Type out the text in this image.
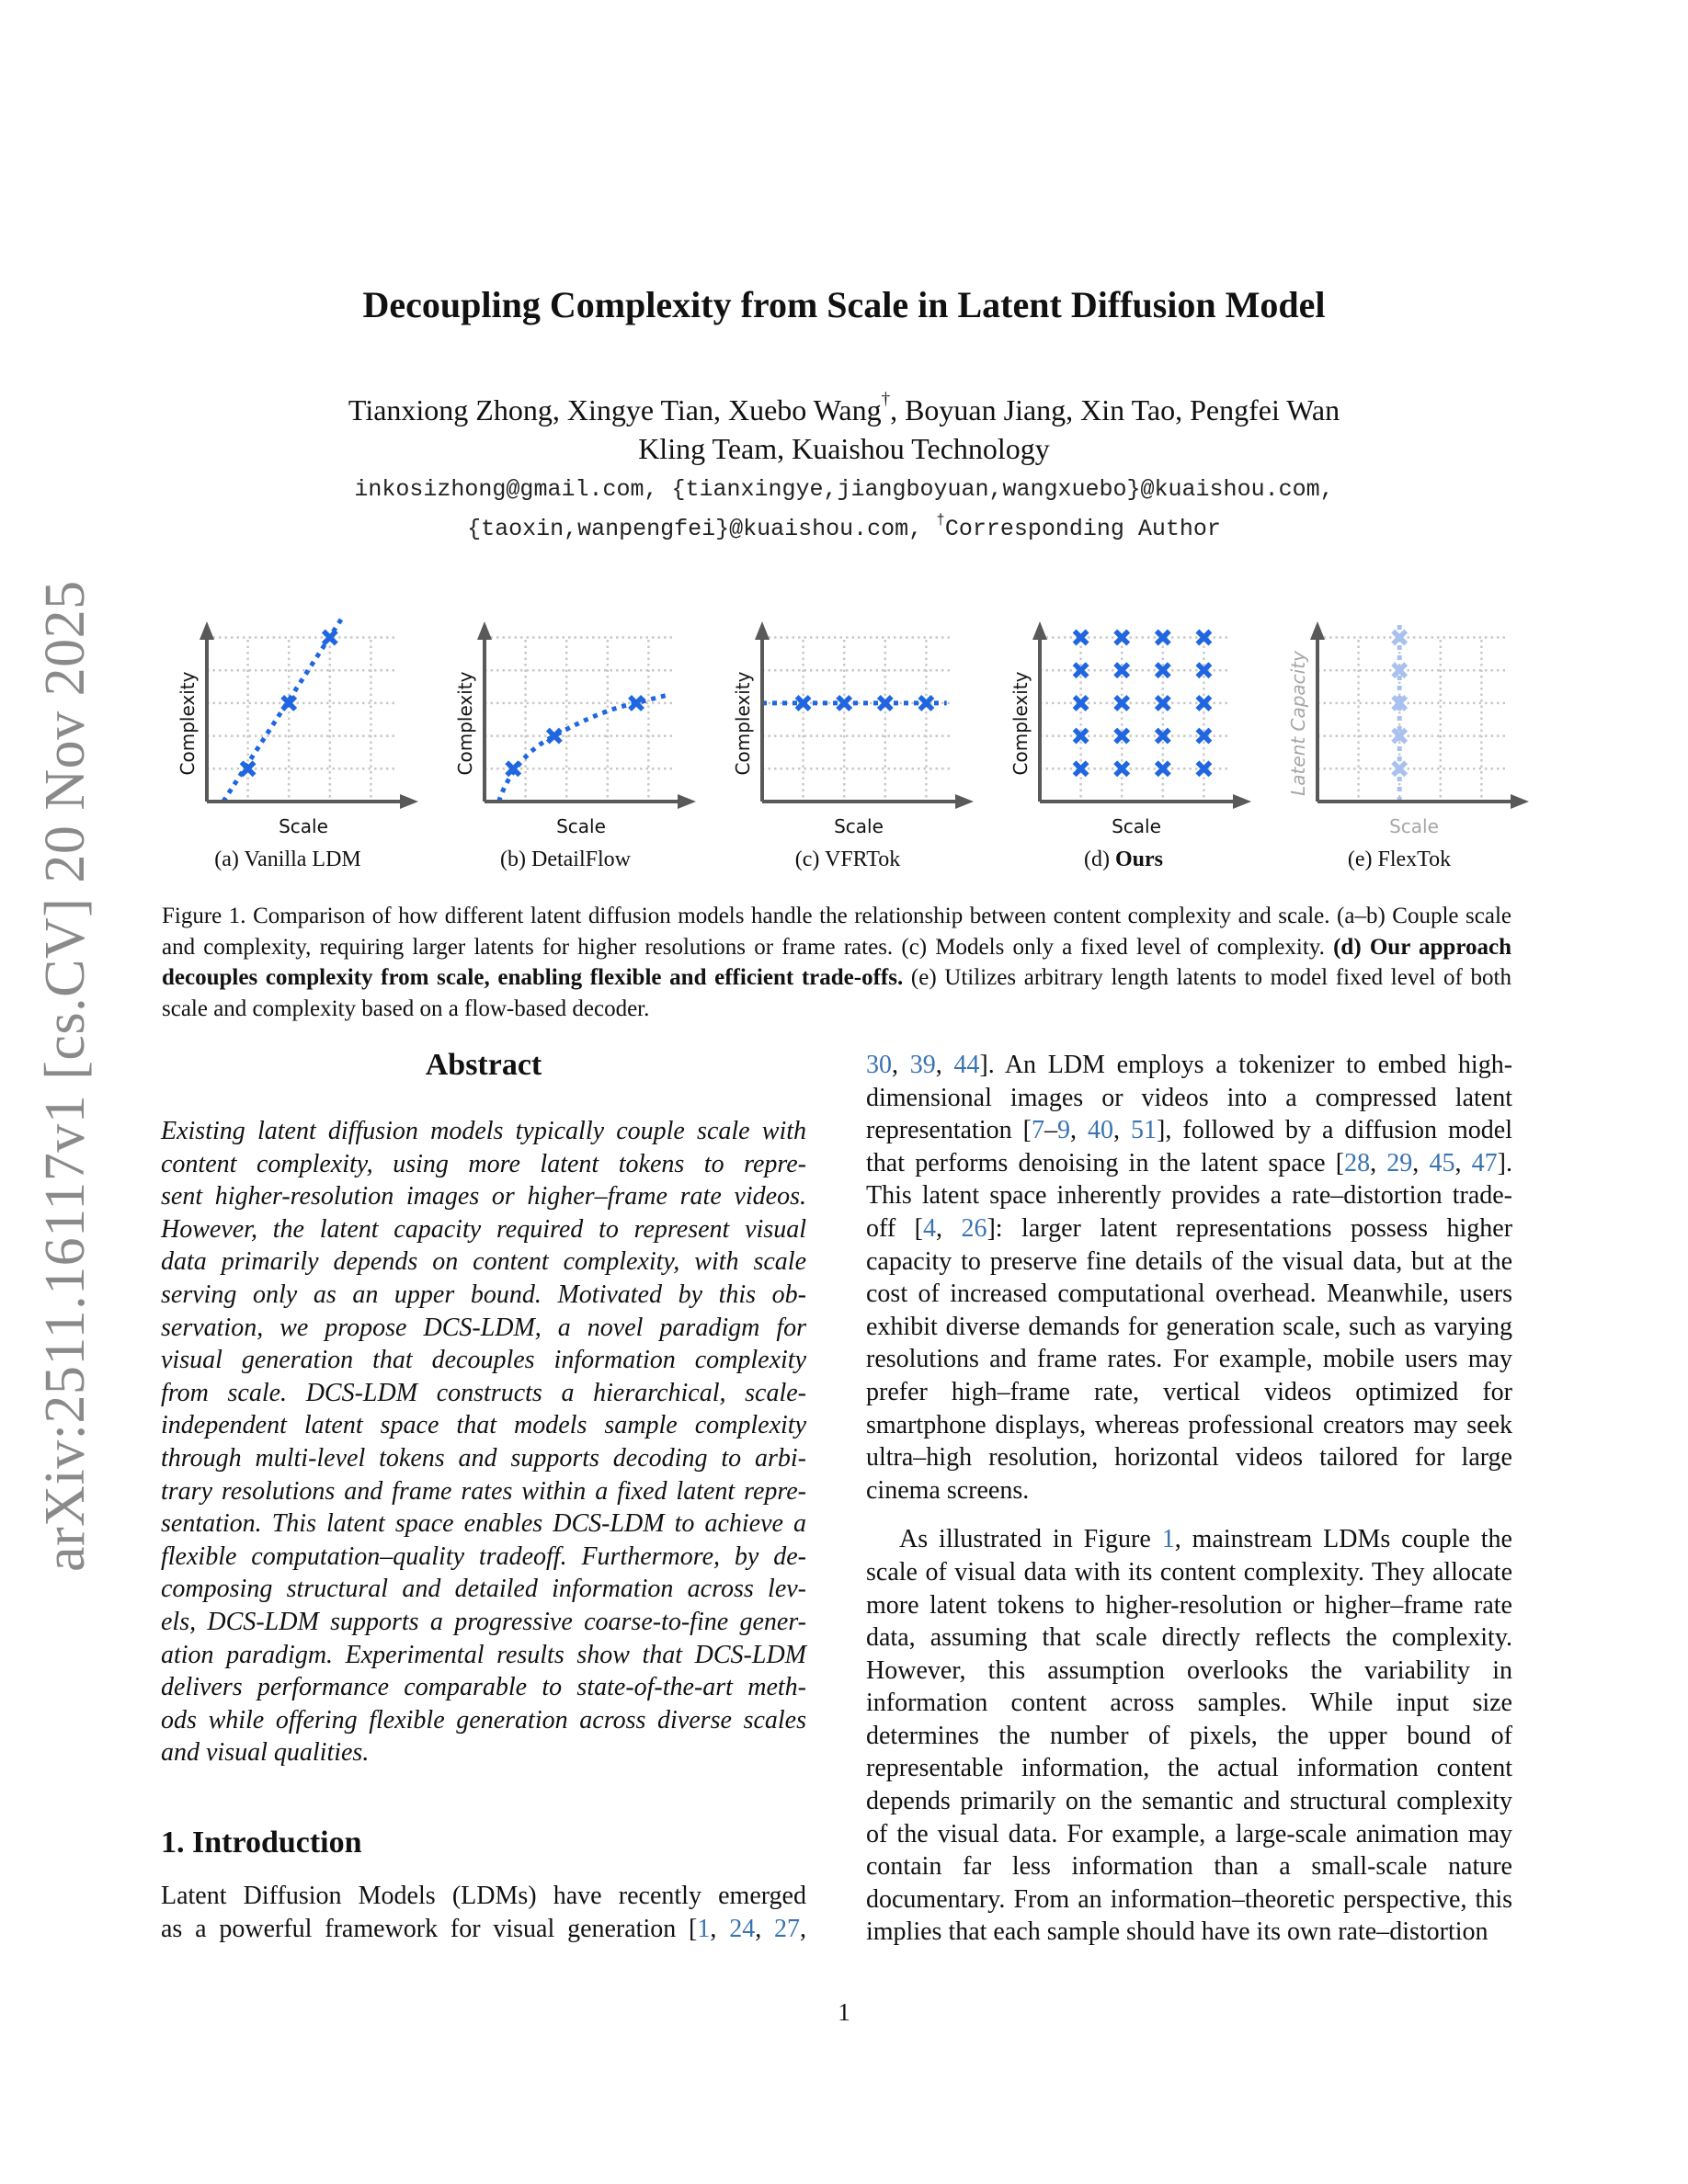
arXiv:2511.16117v1 [cs.CV] 20 Nov 2025
Decoupling Complexity from Scale in Latent Diffusion Model
Tianxiong Zhong, Xingye Tian, Xuebo Wang†, Boyuan Jiang, Xin Tao, Pengfei Wan
Kling Team, Kuaishou Technology
inkosizhong@gmail.com, {tianxingye,jiangboyuan,wangxuebo}@kuaishou.com,
{taoxin,wanpengfei}@kuaishou.com, †Corresponding Author
Scale
Complexity
Scale
Complexity
Scale
Complexity
Scale
Complexity
Scale
Latent Capacity
(a) Vanilla LDM	(b) DetailFlow	(c) VFRTok	(d) Ours	(e) FlexTok
Figure 1. Comparison of how different latent diffusion models handle the relationship between content complexity and scale. (a–b) Couple scale and complexity, requiring larger latents for higher resolutions or frame rates. (c) Models only a fixed level of complexity. (d) Our approach decouples complexity from scale, enabling flexible and efficient trade-offs. (e) Utilizes arbitrary length latents to model fixed level of both scale and complexity based on a flow-based decoder.
Abstract
Existing latent diffusion models typically couple scale with
content complexity, using more latent tokens to repre-
sent higher-resolution images or higher–frame rate videos.
However, the latent capacity required to represent visual
data primarily depends on content complexity, with scale
serving only as an upper bound. Motivated by this ob-
servation, we propose DCS-LDM, a novel paradigm for
visual generation that decouples information complexity
from scale. DCS-LDM constructs a hierarchical, scale-
independent latent space that models sample complexity
through multi-level tokens and supports decoding to arbi-
trary resolutions and frame rates within a fixed latent repre-
sentation. This latent space enables DCS-LDM to achieve a
flexible computation–quality tradeoff. Furthermore, by de-
composing structural and detailed information across lev-
els, DCS-LDM supports a progressive coarse-to-fine gener-
ation paradigm. Experimental results show that DCS-LDM
delivers performance comparable to state-of-the-art meth-
ods while offering flexible generation across diverse scales
and visual qualities.
1. Introduction
Latent Diffusion Models (LDMs) have recently emerged
as a powerful framework for visual generation [1, 24, 27,

30, 39, 44]. An LDM employs a tokenizer to embed high-dimensional images or videos into a compressed latent representation [7–9, 40, 51], followed by a diffusion model that performs denoising in the latent space [28, 29, 45, 47]. This latent space inherently provides a rate–distortion trade-off [4, 26]: larger latent representations possess higher capacity to preserve fine details of the visual data, but at the cost of increased computational overhead. Meanwhile, users exhibit diverse demands for generation scale, such as varying resolutions and frame rates. For example, mobile users may prefer high–frame rate, vertical videos optimized for smartphone displays, whereas professional creators may seek ultra–high resolution, horizontal videos tailored for large cinema screens.

As illustrated in Figure 1, mainstream LDMs couple the scale of visual data with its content complexity. They allocate more latent tokens to higher-resolution or higher–frame rate data, assuming that scale directly reflects the complexity. However, this assumption overlooks the variability in information content across samples. While input size determines the number of pixels, the upper bound of representable information, the actual information content depends primarily on the semantic and structural complexity of the visual data. For example, a large-scale animation may contain far less information than a small-scale nature documentary. From an information–theoretic perspective, this implies that each sample should have its own rate–distortion

1
